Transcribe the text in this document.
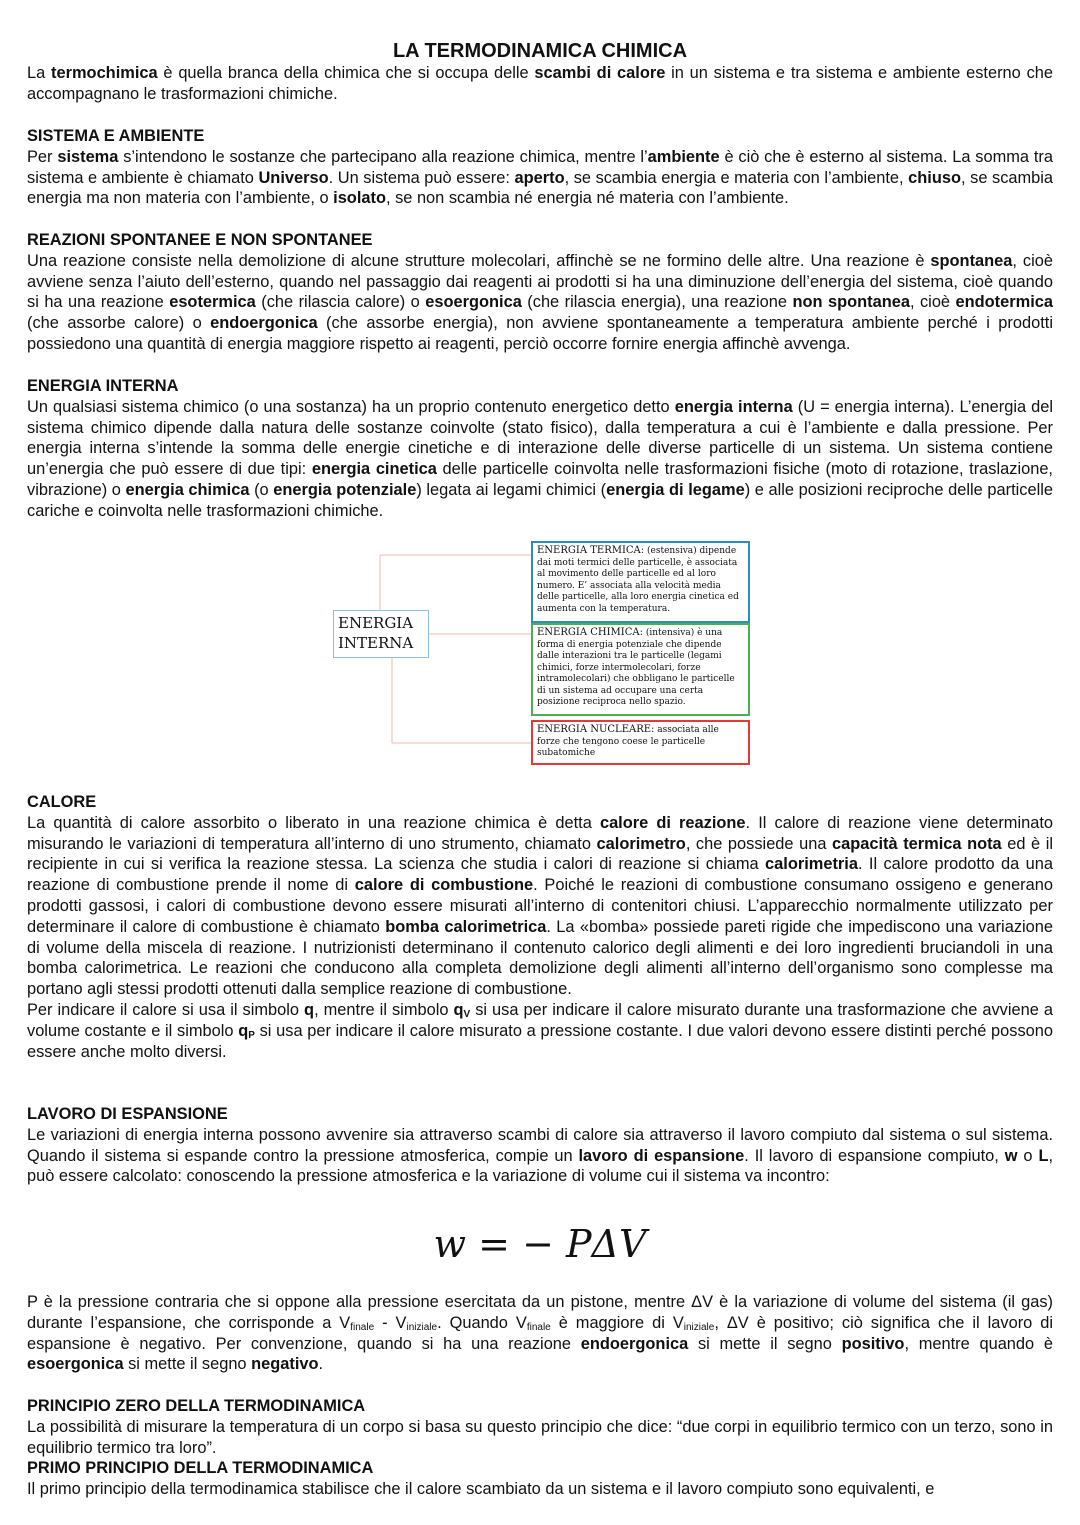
LA TERMODINAMICA CHIMICA

La termochimica è quella branca della chimica che si occupa delle scambi di calore in un sistema e tra sistema e ambiente esterno che accompagnano le trasformazioni chimiche.

SISTEMA E AMBIENTE

Per sistema s’intendono le sostanze che partecipano alla reazione chimica, mentre l’ambiente è ciò che è esterno al sistema. La somma tra sistema e ambiente è chiamato Universo. Un sistema può essere: aperto, se scambia energia e materia con l’ambiente, chiuso, se scambia energia ma non materia con l’ambiente, o isolato, se non scambia né energia né materia con l’ambiente.

REAZIONI SPONTANEE E NON SPONTANEE

Una reazione consiste nella demolizione di alcune strutture molecolari, affinchè se ne formino delle altre. Una reazione è spontanea, cioè avviene senza l’aiuto dell’esterno, quando nel passaggio dai reagenti ai prodotti si ha una diminuzione dell’energia del sistema, cioè quando si ha una reazione esotermica (che rilascia calore) o esoergonica (che rilascia energia), una reazione non spontanea, cioè endotermica (che assorbe calore) o endoergonica (che assorbe energia), non avviene spontaneamente a temperatura ambiente perché i prodotti possiedono una quantità di energia maggiore rispetto ai reagenti, perciò occorre fornire energia affinchè avvenga.

ENERGIA INTERNA

Un qualsiasi sistema chimico (o una sostanza) ha un proprio contenuto energetico detto energia interna (U = energia interna). L’energia del sistema chimico dipende dalla natura delle sostanze coinvolte (stato fisico), dalla temperatura a cui è l’ambiente e dalla pressione. Per energia interna s’intende la somma delle energie cinetiche e di interazione delle diverse particelle di un sistema. Un sistema contiene un’energia che può essere di due tipi: energia cinetica delle particelle coinvolta nelle trasformazioni fisiche (moto di rotazione, traslazione, vibrazione) o energia chimica (o energia potenziale) legata ai legami chimici (energia di legame) e alle posizioni reciproche delle particelle cariche e coinvolta nelle trasformazioni chimiche.

ENERGIA INTERNA
ENERGIA TERMICA: (estensiva) dipende dai moti termici delle particelle, è associata al movimento delle particelle ed al loro numero. E’ associata alla velocità media delle particelle, alla loro energia cinetica ed aumenta con la temperatura.
ENERGIA CHIMICA: (intensiva) è una forma di energia potenziale che dipende dalle interazioni tra le particelle (legami chimici, forze intermolecolari, forze intramolecolari) che obbligano le particelle di un sistema ad occupare una certa posizione reciproca nello spazio.
ENERGIA NUCLEARE: associata alle forze che tengono coese le particelle subatomiche

CALORE

La quantità di calore assorbito o liberato in una reazione chimica è detta calore di reazione. Il calore di reazione viene determinato misurando le variazioni di temperatura all’interno di uno strumento, chiamato calorimetro, che possiede una capacità termica nota ed è il recipiente in cui si verifica la reazione stessa. La scienza che studia i calori di reazione si chiama calorimetria. Il calore prodotto da una reazione di combustione prende il nome di calore di combustione. Poiché le reazioni di combustione consumano ossigeno e generano prodotti gassosi, i calori di combustione devono essere misurati all’interno di contenitori chiusi. L’apparecchio normalmente utilizzato per determinare il calore di combustione è chiamato bomba calorimetrica. La «bomba» possiede pareti rigide che impediscono una variazione di volume della miscela di reazione. I nutrizionisti determinano il contenuto calorico degli alimenti e dei loro ingredienti bruciandoli in una bomba calorimetrica. Le reazioni che conducono alla completa demolizione degli alimenti all’interno dell’organismo sono complesse ma portano agli stessi prodotti ottenuti dalla semplice reazione di combustione.

Per indicare il calore si usa il simbolo q, mentre il simbolo $q_V$ si usa per indicare il calore misurato durante una trasformazione che avviene a volume costante e il simbolo $q_P$ si usa per indicare il calore misurato a pressione costante. I due valori devono essere distinti perché possono essere anche molto diversi.

LAVORO DI ESPANSIONE

Le variazioni di energia interna possono avvenire sia attraverso scambi di calore sia attraverso il lavoro compiuto dal sistema o sul sistema. Quando il sistema si espande contro la pressione atmosferica, compie un lavoro di espansione. Il lavoro di espansione compiuto, w o L, può essere calcolato: conoscendo la pressione atmosferica e la variazione di volume cui il sistema va incontro:

w = − PΔV

P è la pressione contraria che si oppone alla pressione esercitata da un pistone, mentre ΔV è la variazione di volume del sistema (il gas) durante l’espansione, che corrisponde a $V_{finale} - V_{iniziale}$. Quando $V_{finale}$ è maggiore di $V_{iniziale}$, ΔV è positivo; ciò significa che il lavoro di espansione è negativo. Per convenzione, quando si ha una reazione endoergonica si mette il segno positivo, mentre quando è esoergonica si mette il segno negativo.

PRINCIPIO ZERO DELLA TERMODINAMICA

La possibilità di misurare la temperatura di un corpo si basa su questo principio che dice: “due corpi in equilibrio termico con un terzo, sono in equilibrio termico tra loro”.

PRIMO PRINCIPIO DELLA TERMODINAMICA

Il primo principio della termodinamica stabilisce che il calore scambiato da un sistema e il lavoro compiuto sono equivalenti, e
